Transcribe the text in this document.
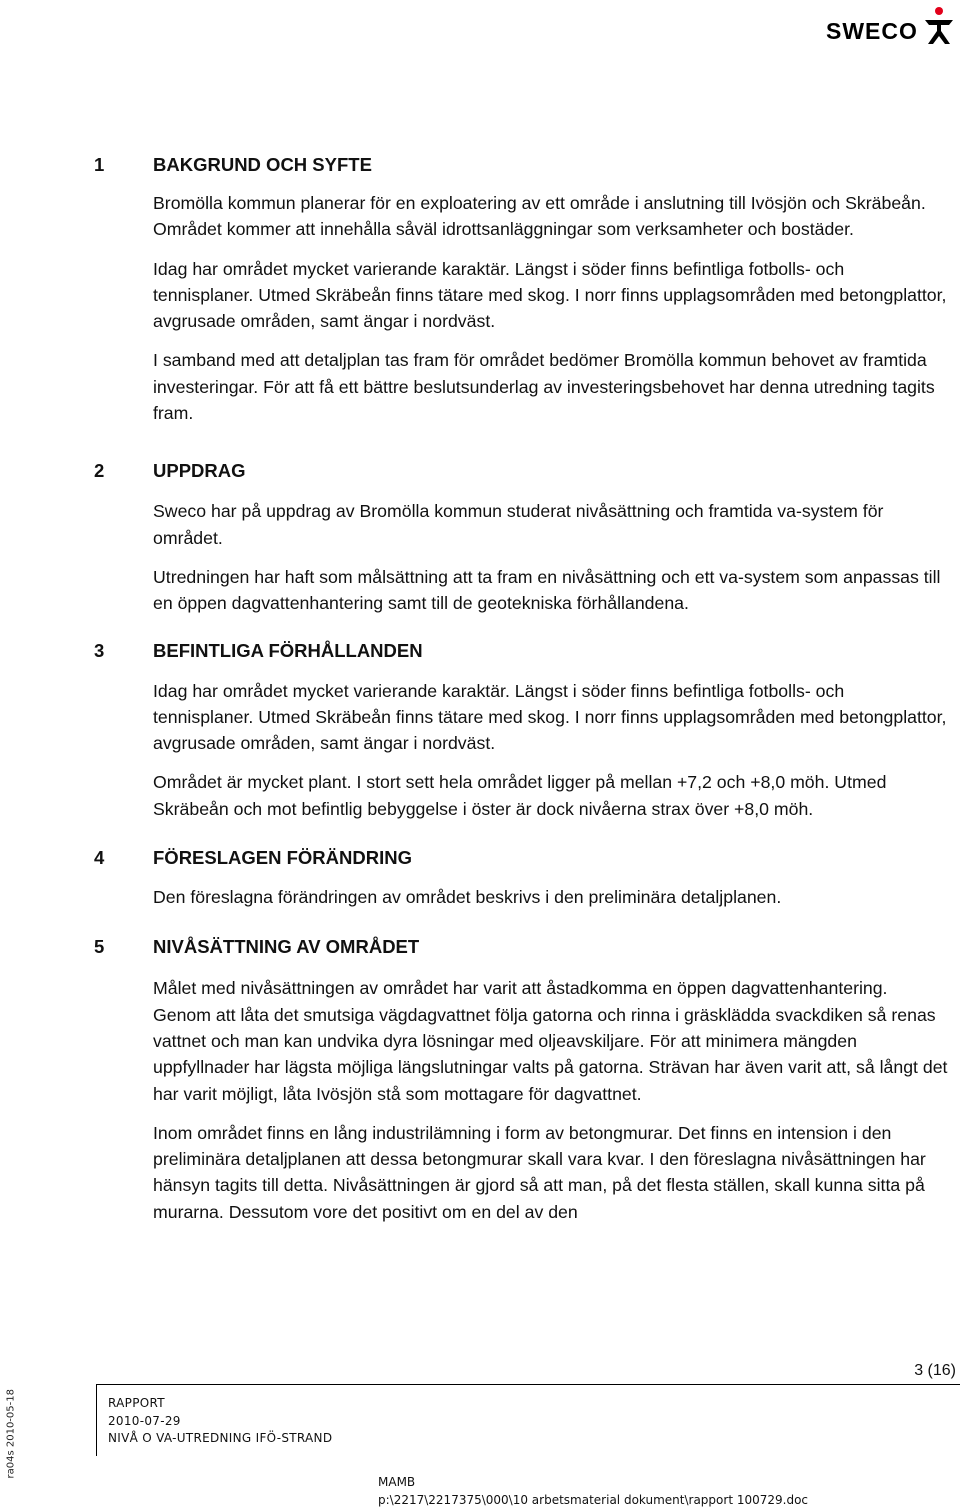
SWECO
1	BAKGRUND OCH SYFTE

Bromölla kommun planerar för en exploatering av ett område i anslutning till Ivösjön och Skräbeån. Området kommer att innehålla såväl idrottsanläggningar som verksamheter och bostäder.

Idag har området mycket varierande karaktär. Längst i söder finns befintliga fotbolls- och tennisplaner. Utmed Skräbeån finns tätare med skog. I norr finns upplagsområden med betongplattor, avgrusade områden, samt ängar i nordväst.

I samband med att detaljplan tas fram för området bedömer Bromölla kommun behovet av framtida investeringar. För att få ett bättre beslutsunderlag av investeringsbehovet har denna utredning tagits fram.

2	UPPDRAG

Sweco har på uppdrag av Bromölla kommun studerat nivåsättning och framtida va-system för området.

Utredningen har haft som målsättning att ta fram en nivåsättning och ett va-system som anpassas till en öppen dagvattenhantering samt till de geotekniska förhållandena.

3	BEFINTLIGA FÖRHÅLLANDEN

Idag har området mycket varierande karaktär. Längst i söder finns befintliga fotbolls- och tennisplaner. Utmed Skräbeån finns tätare med skog. I norr finns upplagsområden med betongplattor, avgrusade områden, samt ängar i nordväst.

Området är mycket plant. I stort sett hela området ligger på mellan +7,2 och +8,0 möh. Utmed Skräbeån och mot befintlig bebyggelse i öster är dock nivåerna strax över +8,0 möh.

4	FÖRESLAGEN FÖRÄNDRING

Den föreslagna förändringen av området beskrivs i den preliminära detaljplanen.

5	NIVÅSÄTTNING AV OMRÅDET

Målet med nivåsättningen av området har varit att åstadkomma en öppen dagvattenhantering. Genom att låta det smutsiga vägdagvattnet följa gatorna och rinna i gräsklädda svackdiken så renas vattnet och man kan undvika dyra lösningar med oljeavskiljare. För att minimera mängden uppfyllnader har lägsta möjliga längslutningar valts på gatorna. Strävan har även varit att, så långt det har varit möjligt, låta Ivösjön stå som mottagare för dagvattnet.

Inom området finns en lång industrilämning i form av betongmurar. Det finns en intension i den preliminära detaljplanen att dessa betongmurar skall vara kvar. I den föreslagna nivåsättningen har hänsyn tagits till detta. Nivåsättningen är gjord så att man, på det flesta ställen, skall kunna sitta på murarna. Dessutom vore det positivt om en del av den

ra04s 2010-05-18
3 (16)
RAPPORT
2010-07-29
NIVÅ O VA-UTREDNING IFÖ-STRAND
MAMB
p:\2217\2217375\000\10 arbetsmaterial dokument\rapport 100729.doc
